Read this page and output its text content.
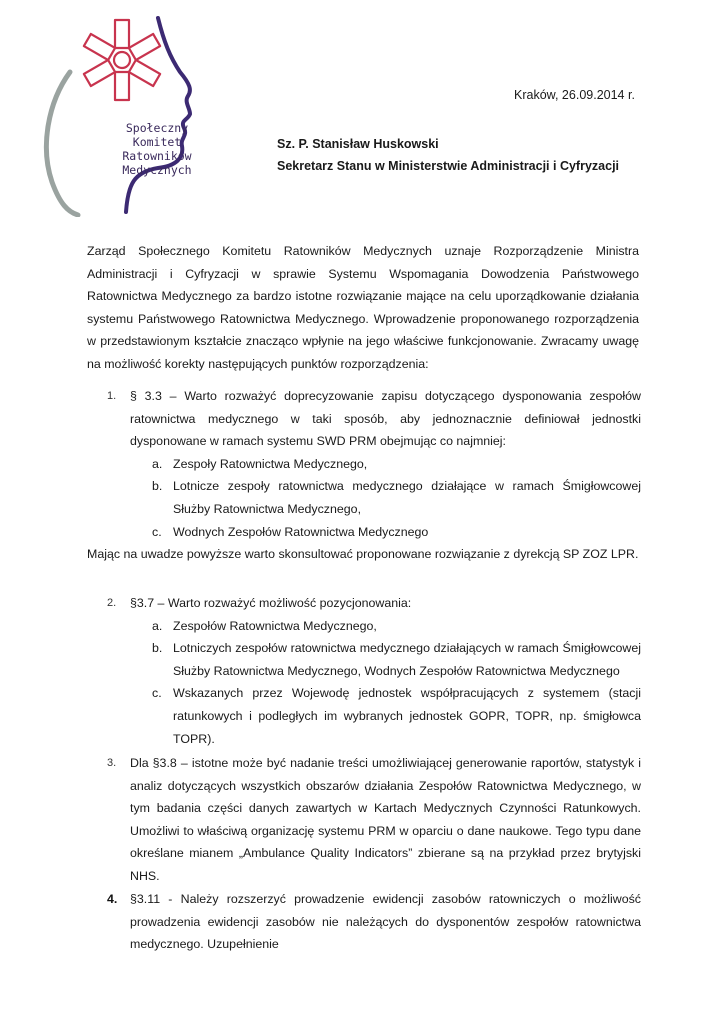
Społeczny
Komitet
Ratowników
Medycznych
Kraków, 26.09.2014 r.
Sz. P. Stanisław Huskowski
Sekretarz Stanu w Ministerstwie Administracji i Cyfryzacji
Zarząd Społecznego Komitetu Ratowników Medycznych uznaje Rozporządzenie Ministra Administracji i Cyfryzacji w sprawie Systemu Wspomagania Dowodzenia Państwowego Ratownictwa Medycznego za bardzo istotne rozwiązanie mające na celu uporządkowanie działania systemu Państwowego Ratownictwa Medycznego. Wprowadzenie proponowanego rozporządzenia w przedstawionym kształcie znacząco wpłynie na jego właściwe funkcjonowanie. Zwracamy uwagę na możliwość korekty następujących punktów rozporządzenia:
1. § 3.3 – Warto rozważyć doprecyzowanie zapisu dotyczącego dysponowania zespołów ratownictwa medycznego w taki sposób, aby jednoznacznie definiował jednostki dysponowane w ramach systemu SWD PRM obejmując co najmniej:
a. Zespoły Ratownictwa Medycznego,
b. Lotnicze zespoły ratownictwa medycznego działające w ramach Śmigłowcowej Służby Ratownictwa Medycznego,
c. Wodnych Zespołów Ratownictwa Medycznego
Mając na uwadze powyższe warto skonsultować proponowane rozwiązanie z dyrekcją SP ZOZ LPR.
2. §3.7 – Warto rozważyć możliwość pozycjonowania:
a. Zespołów Ratownictwa Medycznego,
b. Lotniczych zespołów ratownictwa medycznego działających w ramach Śmigłowcowej Służby Ratownictwa Medycznego, Wodnych Zespołów Ratownictwa Medycznego
c. Wskazanych przez Wojewodę jednostek współpracujących z systemem (stacji ratunkowych i podległych im wybranych jednostek GOPR, TOPR, np. śmigłowca TOPR).
3. Dla §3.8 – istotne może być nadanie treści umożliwiającej generowanie raportów, statystyk i analiz dotyczących wszystkich obszarów działania Zespołów Ratownictwa Medycznego, w tym badania części danych zawartych w Kartach Medycznych Czynności Ratunkowych. Umożliwi to właściwą organizację systemu PRM w oparciu o dane naukowe. Tego typu dane określane mianem „Ambulance Quality Indicators” zbierane są na przykład przez brytyjski NHS.
4. §3.11 - Należy rozszerzyć prowadzenie ewidencji zasobów ratowniczych o możliwość prowadzenia ewidencji zasobów nie należących do dysponentów zespołów ratownictwa medycznego. Uzupełnienie
